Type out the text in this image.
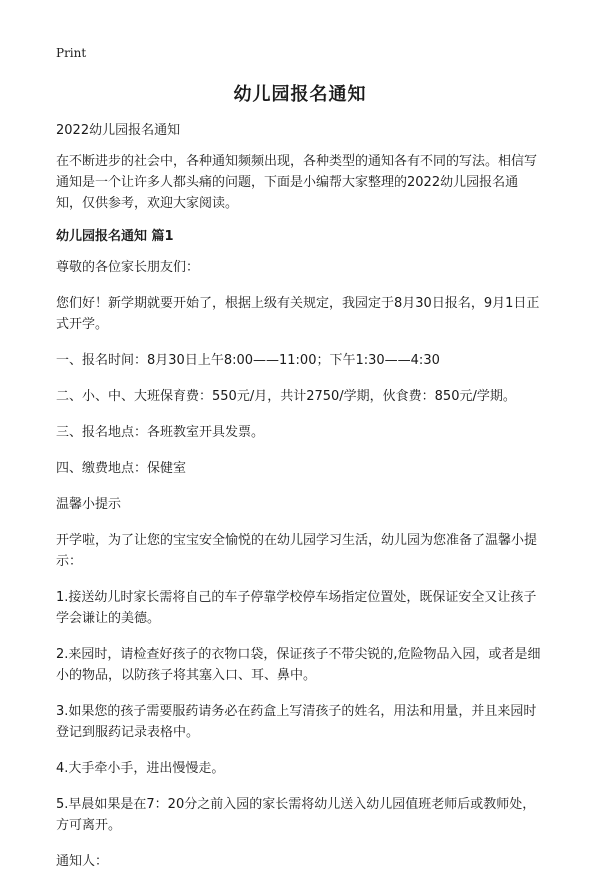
Print
幼儿园报名通知

2022幼儿园报名通知

在不断进步的社会中，各种通知频频出现，各种类型的通知各有不同的写法。相信写通知是一个让许多人都头痛的问题，下面是小编帮大家整理的2022幼儿园报名通知，仅供参考，欢迎大家阅读。

幼儿园报名通知 篇1

尊敬的各位家长朋友们：

您们好！新学期就要开始了，根据上级有关规定，我园定于8月30日报名，9月1日正式开学。

一、报名时间：8月30日上午8:00——11:00；下午1:30——4:30

二、小、中、大班保育费：550元/月，共计2750/学期，伙食费：850元/学期。

三、报名地点：各班教室开具发票。

四、缴费地点：保健室

温馨小提示

开学啦，为了让您的宝宝安全愉悦的在幼儿园学习生活，幼儿园为您准备了温馨小提示：

1.接送幼儿时家长需将自己的车子停靠学校停车场指定位置处，既保证安全又让孩子学会谦让的美德。

2.来园时，请检查好孩子的衣物口袋，保证孩子不带尖锐的,危险物品入园，或者是细小的物品，以防孩子将其塞入口、耳、鼻中。

3.如果您的孩子需要服药请务必在药盒上写清孩子的姓名，用法和用量，并且来园时登记到服药记录表格中。

4.大手牵小手，进出慢慢走。

5.早晨如果是在7：20分之前入园的家长需将幼儿送入幼儿园值班老师后或教师处，方可离开。

通知人：
